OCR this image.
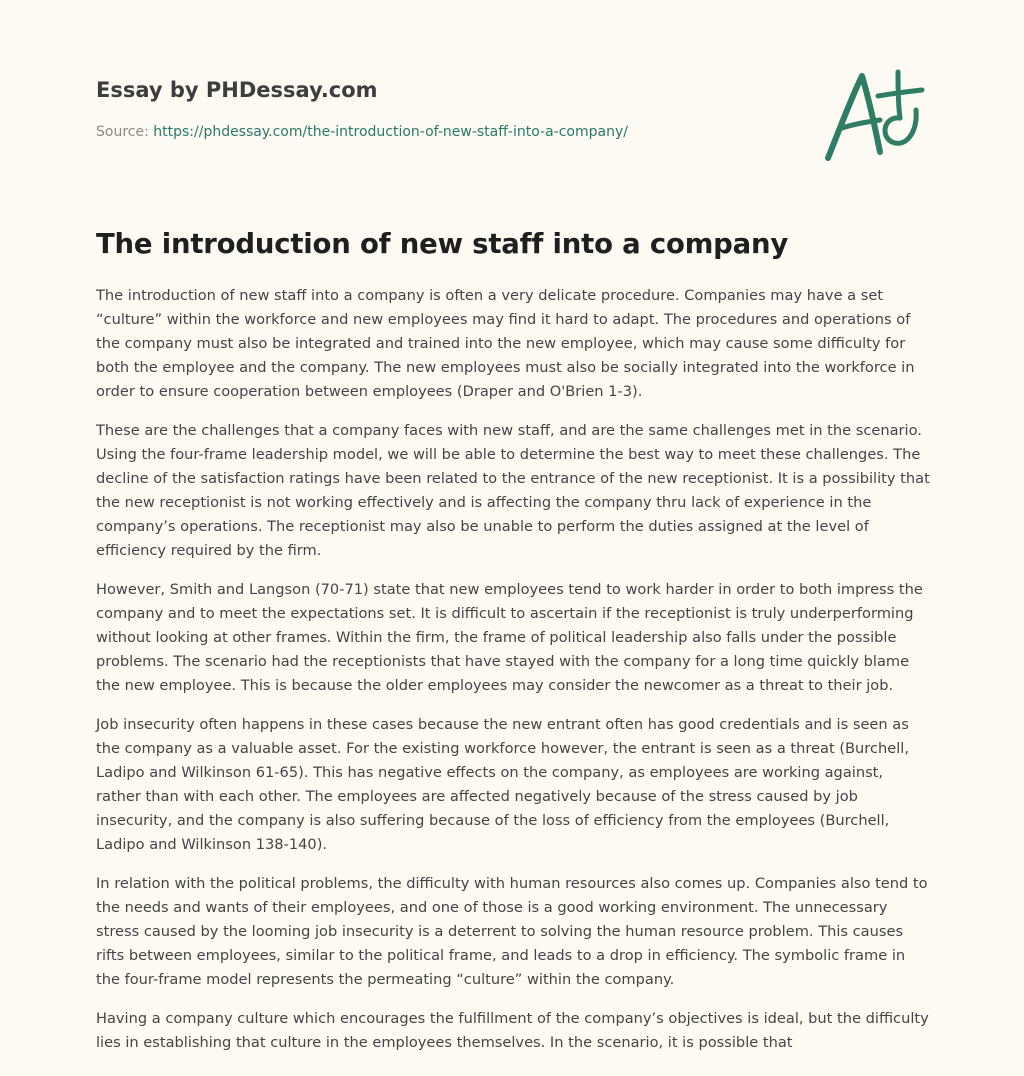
Essay by PHDessay.com
Source: https://phdessay.com/the-introduction-of-new-staff-into-a-company/
The introduction of new staff into a company

The introduction of new staff into a company is often a very delicate procedure. Companies may have a set “culture” within the workforce and new employees may find it hard to adapt. The procedures and operations of the company must also be integrated and trained into the new employee, which may cause some difficulty for both the employee and the company. The new employees must also be socially integrated into the workforce in order to ensure cooperation between employees (Draper and O'Brien 1-3).

These are the challenges that a company faces with new staff, and are the same challenges met in the scenario. Using the four-frame leadership model, we will be able to determine the best way to meet these challenges. The decline of the satisfaction ratings have been related to the entrance of the new receptionist. It is a possibility that the new receptionist is not working effectively and is affecting the company thru lack of experience in the company’s operations. The receptionist may also be unable to perform the duties assigned at the level of efficiency required by the firm.

However, Smith and Langson (70-71) state that new employees tend to work harder in order to both impress the company and to meet the expectations set. It is difficult to ascertain if the receptionist is truly underperforming without looking at other frames. Within the firm, the frame of political leadership also falls under the possible problems. The scenario had the receptionists that have stayed with the company for a long time quickly blame the new employee. This is because the older employees may consider the newcomer as a threat to their job.

Job insecurity often happens in these cases because the new entrant often has good credentials and is seen as the company as a valuable asset. For the existing workforce however, the entrant is seen as a threat (Burchell, Ladipo and Wilkinson 61-65). This has negative effects on the company, as employees are working against, rather than with each other. The employees are affected negatively because of the stress caused by job insecurity, and the company is also suffering because of the loss of efficiency from the employees (Burchell, Ladipo and Wilkinson 138-140).

In relation with the political problems, the difficulty with human resources also comes up. Companies also tend to the needs and wants of their employees, and one of those is a good working environment. The unnecessary stress caused by the looming job insecurity is a deterrent to solving the human resource problem. This causes rifts between employees, similar to the political frame, and leads to a drop in efficiency. The symbolic frame in the four-frame model represents the permeating “culture” within the company.

Having a company culture which encourages the fulfillment of the company’s objectives is ideal, but the difficulty lies in establishing that culture in the employees themselves. In the scenario, it is possible that
